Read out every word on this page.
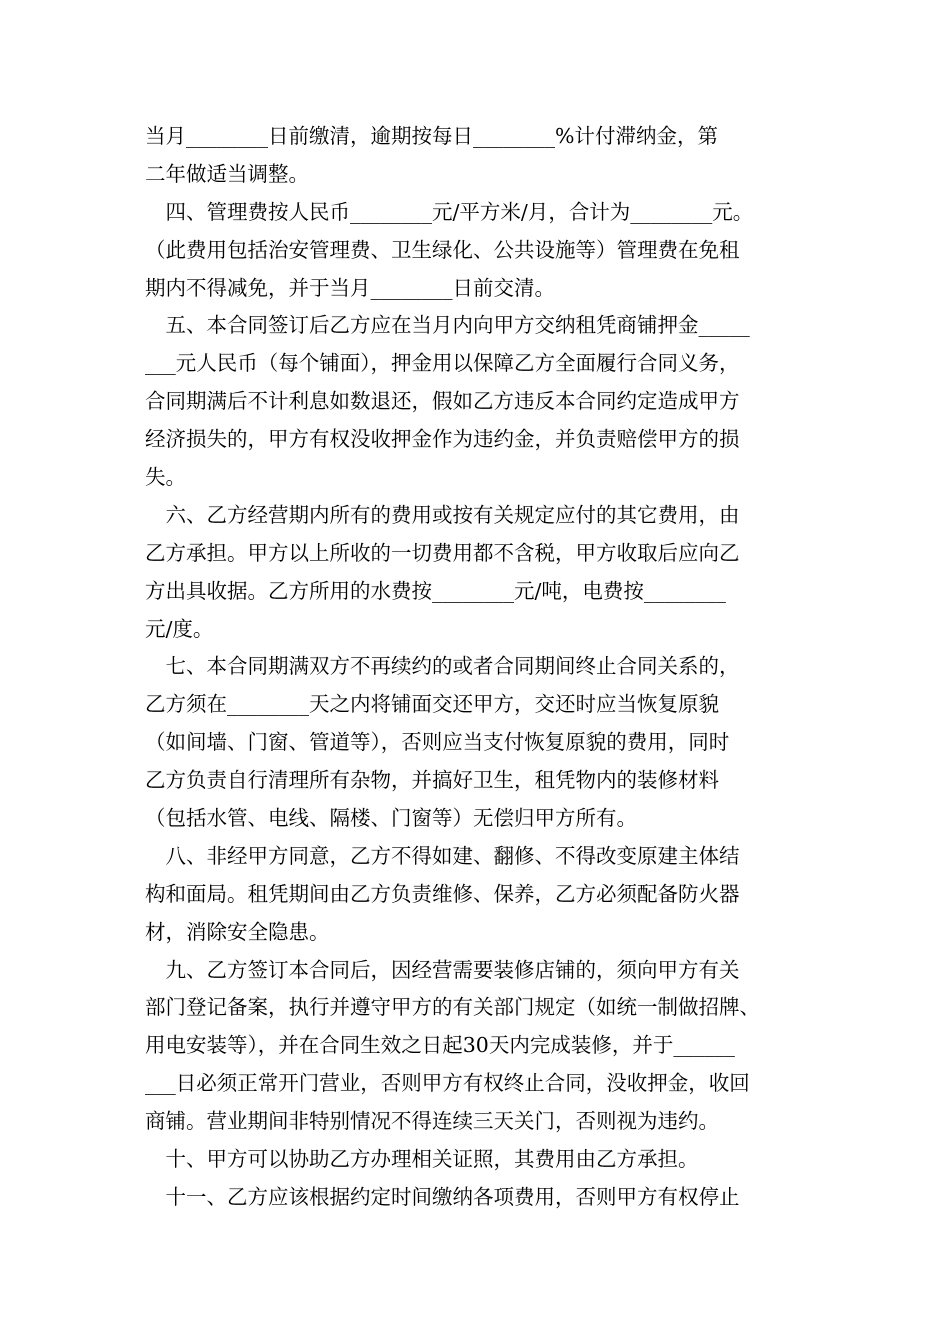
当月________日前缴清，逾期按每日________%计付滞纳金，第
二年做适当调整。
　四、管理费按人民币________元/平方米/月，合计为________元。
（此费用包括治安管理费、卫生绿化、公共设施等）管理费在免租
期内不得减免，并于当月________日前交清。
　五、本合同签订后乙方应在当月内向甲方交纳租凭商铺押金_____
___元人民币（每个铺面），押金用以保障乙方全面履行合同义务，
合同期满后不计利息如数退还，假如乙方违反本合同约定造成甲方
经济损失的，甲方有权没收押金作为违约金，并负责赔偿甲方的损
失。
　六、乙方经营期内所有的费用或按有关规定应付的其它费用，由
乙方承担。甲方以上所收的一切费用都不含税，甲方收取后应向乙
方出具收据。乙方所用的水费按________元/吨，电费按________
元/度。
　七、本合同期满双方不再续约的或者合同期间终止合同关系的，
乙方须在________天之内将铺面交还甲方，交还时应当恢复原貌
（如间墙、门窗、管道等），否则应当支付恢复原貌的费用，同时
乙方负责自行清理所有杂物，并搞好卫生，租凭物内的装修材料
（包括水管、电线、隔楼、门窗等）无偿归甲方所有。
　八、非经甲方同意，乙方不得如建、翻修、不得改变原建主体结
构和面局。租凭期间由乙方负责维修、保养，乙方必须配备防火器
材，消除安全隐患。
　九、乙方签订本合同后，因经营需要装修店铺的，须向甲方有关
部门登记备案，执行并遵守甲方的有关部门规定（如统一制做招牌、
用电安装等），并在合同生效之日起30天内完成装修，并于______
___日必须正常开门营业，否则甲方有权终止合同，没收押金，收回
商铺。营业期间非特别情况不得连续三天关门，否则视为违约。
　十、甲方可以协助乙方办理相关证照，其费用由乙方承担。
　十一、乙方应该根据约定时间缴纳各项费用，否则甲方有权停止
